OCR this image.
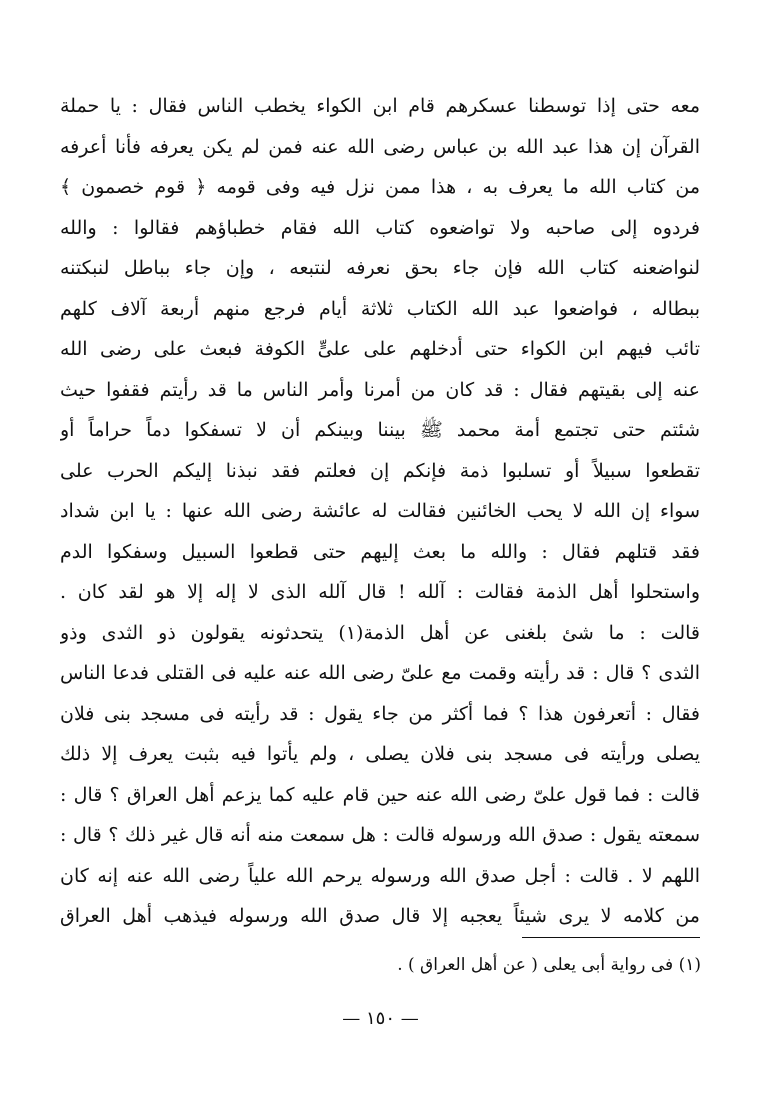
معه حتى إذا توسطنا عسكرهم قام ابن الكواء يخطب الناس فقال : يا حملة
القرآن إن هذا عبد الله بن عباس رضى الله عنه فمن لم يكن يعرفه فأنا أعرفه
من كتاب الله ما يعرف به ، هذا ممن نزل فيه وفى قومه ﴿ قوم خصمون ﴾
فردوه إلى صاحبه ولا تواضعوه كتاب الله فقام خطباؤهم فقالوا : والله
لنواضعنه كتاب الله فإن جاء بحق نعرفه لنتبعه ، وإن جاء بباطل لنبكتنه
ببطاله ، فواضعوا عبد الله الكتاب ثلاثة أيام فرجع منهم أربعة آلاف كلهم
تائب فيهم ابن الكواء حتى أدخلهم على علىٍّ الكوفة فبعث على رضى الله
عنه إلى بقيتهم فقال : قد كان من أمرنا وأمر الناس ما قد رأيتم فقفوا حيث
شئتم حتى تجتمع أمة محمد ﷺ بيننا وبينكم أن لا تسفكوا دماً حراماً أو
تقطعوا سبيلاً أو تسلبوا ذمة فإنكم إن فعلتم فقد نبذنا إليكم الحرب على
سواء إن الله لا يحب الخائنين فقالت له عائشة رضى الله عنها : يا ابن شداد
فقد قتلهم فقال : والله ما بعث إليهم حتى قطعوا السبيل وسفكوا الدم
واستحلوا أهل الذمة فقالت : آلله ! قال آلله الذى لا إله إلا هو لقد كان .
قالت : ما شئ بلغنى عن أهل الذمة(١) يتحدثونه يقولون ذو الثدى وذو
الثدى ؟ قال : قد رأيته وقمت مع علىّ رضى الله عنه عليه فى القتلى فدعا الناس
فقال : أتعرفون هذا ؟ فما أكثر من جاء يقول : قد رأيته فى مسجد بنى فلان
يصلى ورأيته فى مسجد بنى فلان يصلى ، ولم يأتوا فيه بثبت يعرف إلا ذلك
قالت : فما قول علىّ رضى الله عنه حين قام عليه كما يزعم أهل العراق ؟ قال :
سمعته يقول : صدق الله ورسوله قالت : هل سمعت منه أنه قال غير ذلك ؟ قال :
اللهم لا . قالت : أجل صدق الله ورسوله يرحم الله علياً رضى الله عنه إنه كان
من كلامه لا يرى شيئاً يعجبه إلا قال صدق الله ورسوله فيذهب أهل العراق
(١) فى رواية أبى يعلى ( عن أهل العراق ) .
— ١٥٠ —
